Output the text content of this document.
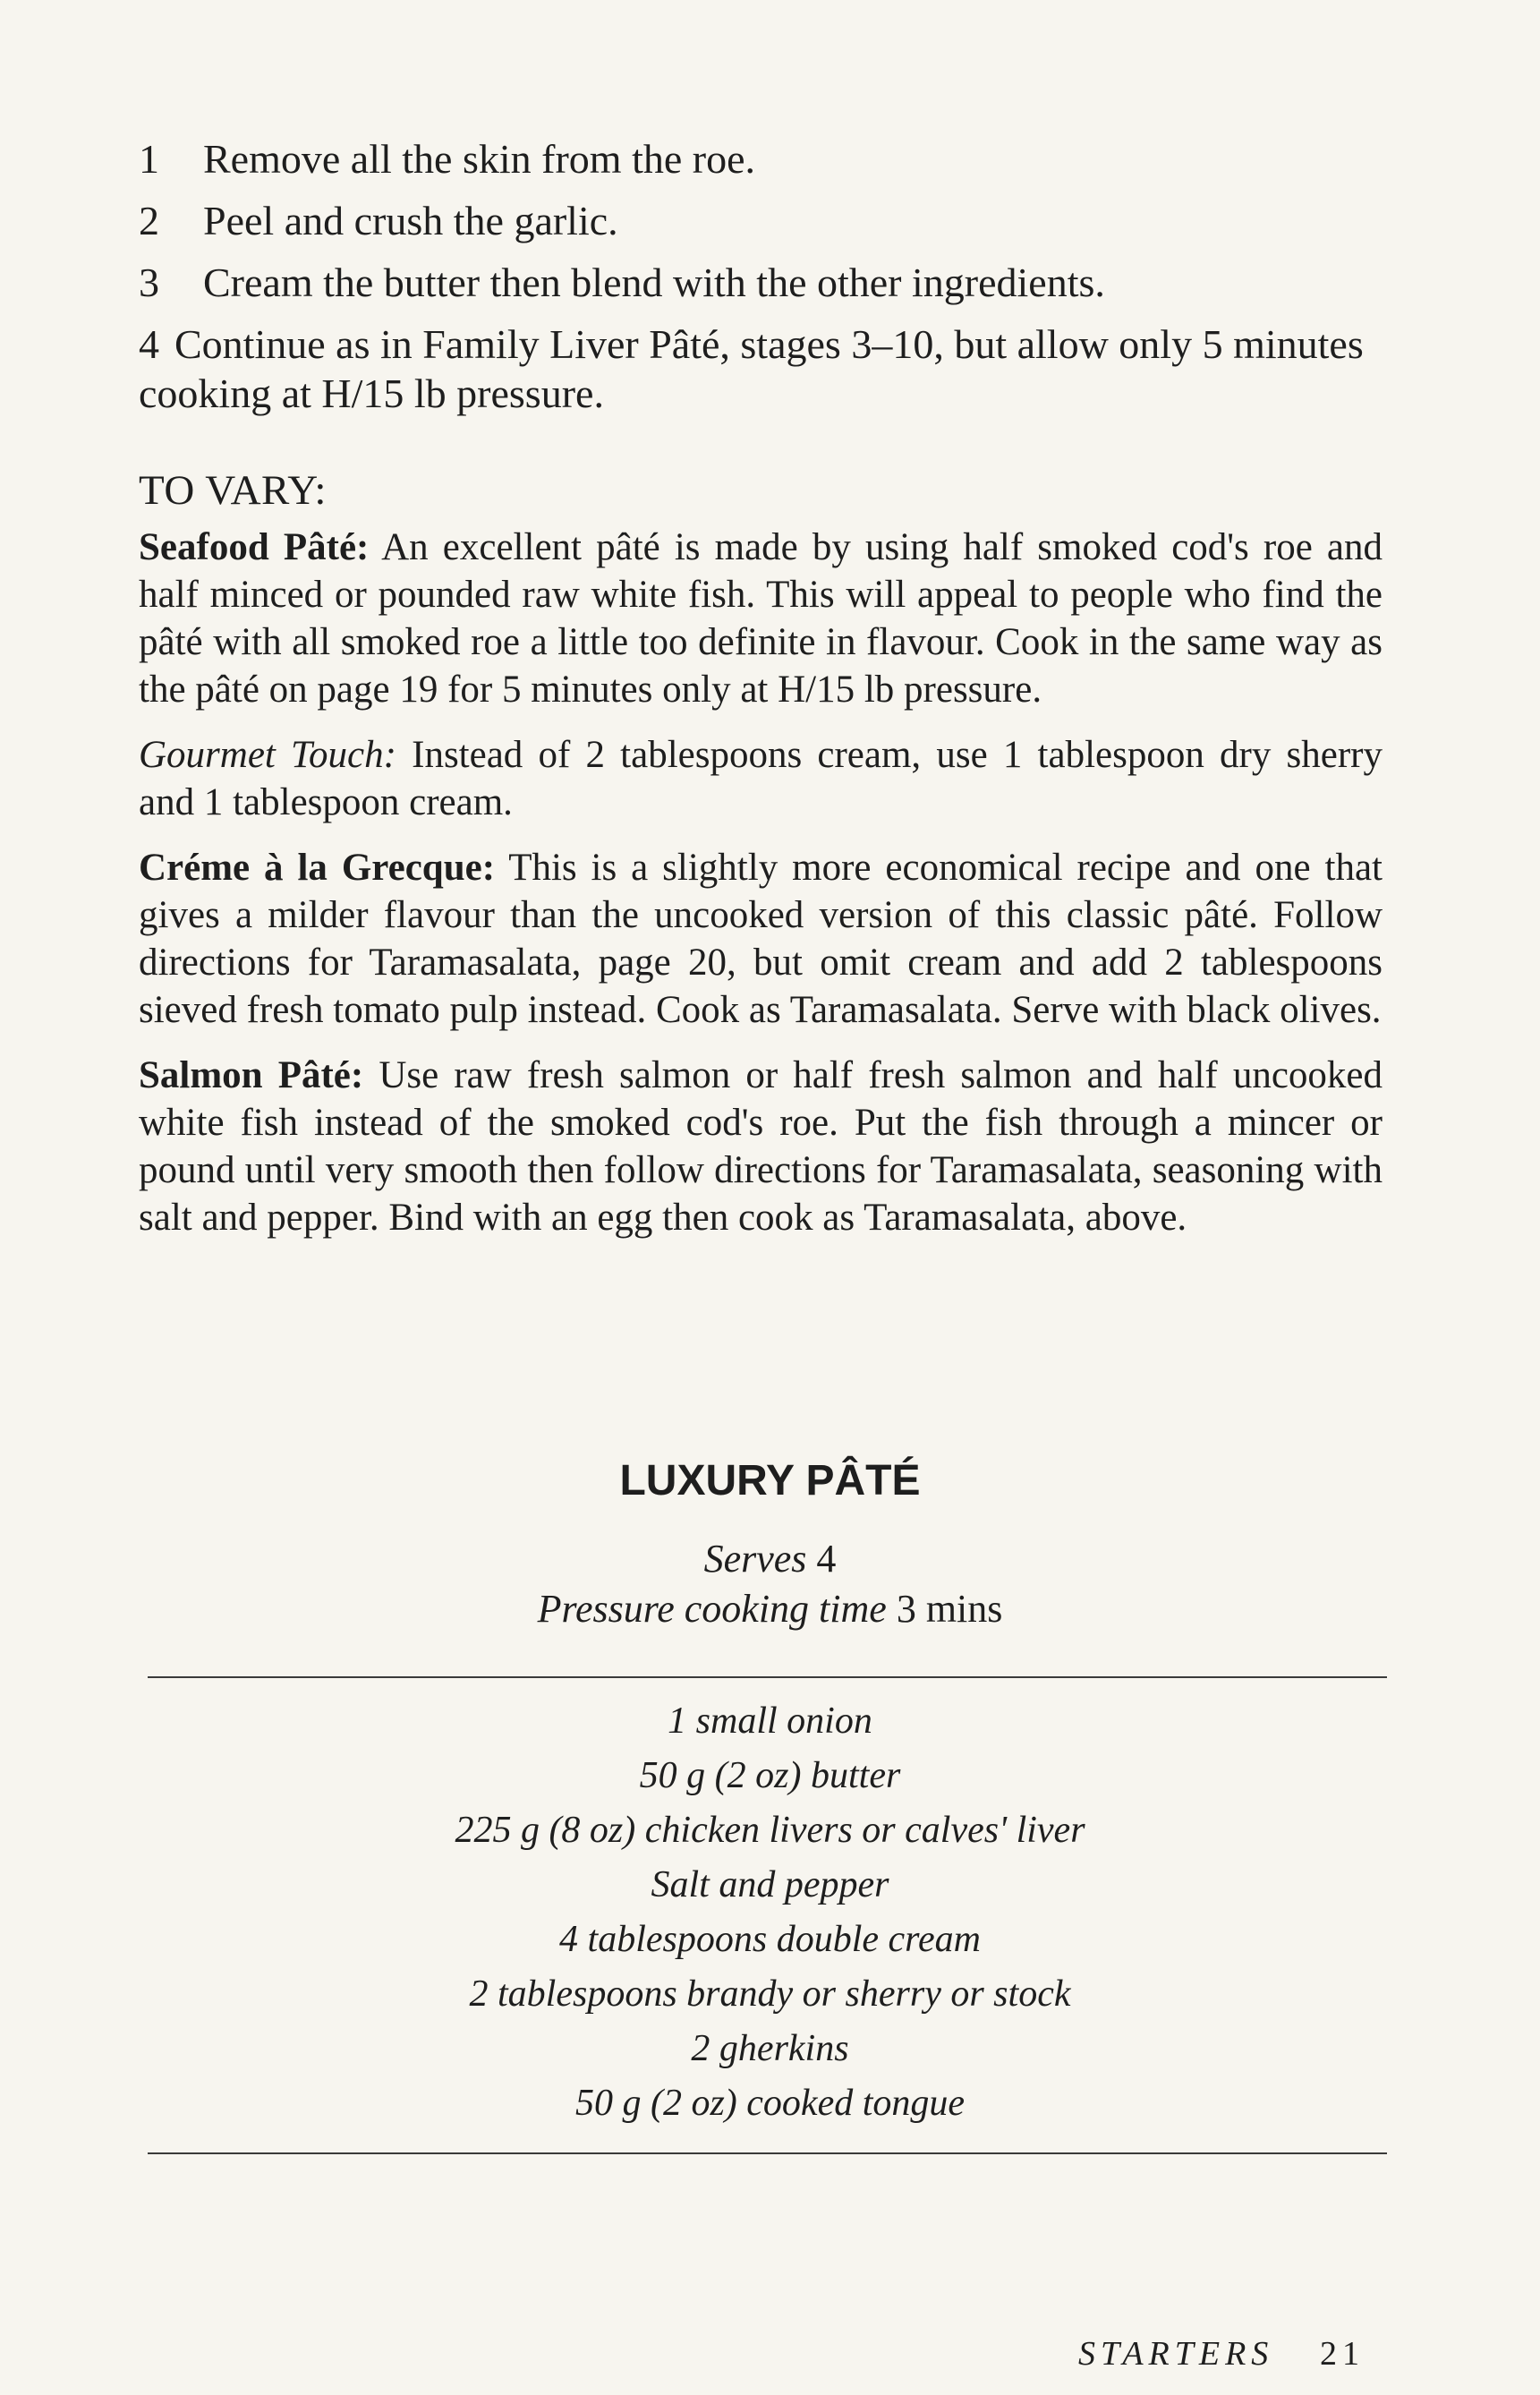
1 Remove all the skin from the roe.

2 Peel and crush the garlic.

3 Cream the butter then blend with the other ingredients.

4 Continue as in Family Liver Pâté, stages 3–10, but allow only 5 minutes cooking at H/15 lb pressure.

TO VARY:

Seafood Pâté: An excellent pâté is made by using half smoked cod's roe and half minced or pounded raw white fish. This will appeal to people who find the pâté with all smoked roe a little too definite in flavour. Cook in the same way as the pâté on page 19 for 5 minutes only at H/15 lb pressure.

Gourmet Touch: Instead of 2 tablespoons cream, use 1 tablespoon dry sherry and 1 tablespoon cream.

Créme à la Grecque: This is a slightly more economical recipe and one that gives a milder flavour than the uncooked version of this classic pâté. Follow directions for Taramasalata, page 20, but omit cream and add 2 tablespoons sieved fresh tomato pulp instead. Cook as Taramasalata. Serve with black olives.

Salmon Pâté: Use raw fresh salmon or half fresh salmon and half uncooked white fish instead of the smoked cod's roe. Put the fish through a mincer or pound until very smooth then follow directions for Taramasalata, seasoning with salt and pepper. Bind with an egg then cook as Taramasalata, above.

LUXURY PÂTÉ
Serves 4
Pressure cooking time 3 mins
1 small onion
50 g (2 oz) butter
225 g (8 oz) chicken livers or calves' liver
Salt and pepper
4 tablespoons double cream
2 tablespoons brandy or sherry or stock
2 gherkins
50 g (2 oz) cooked tongue
STARTERS 21
